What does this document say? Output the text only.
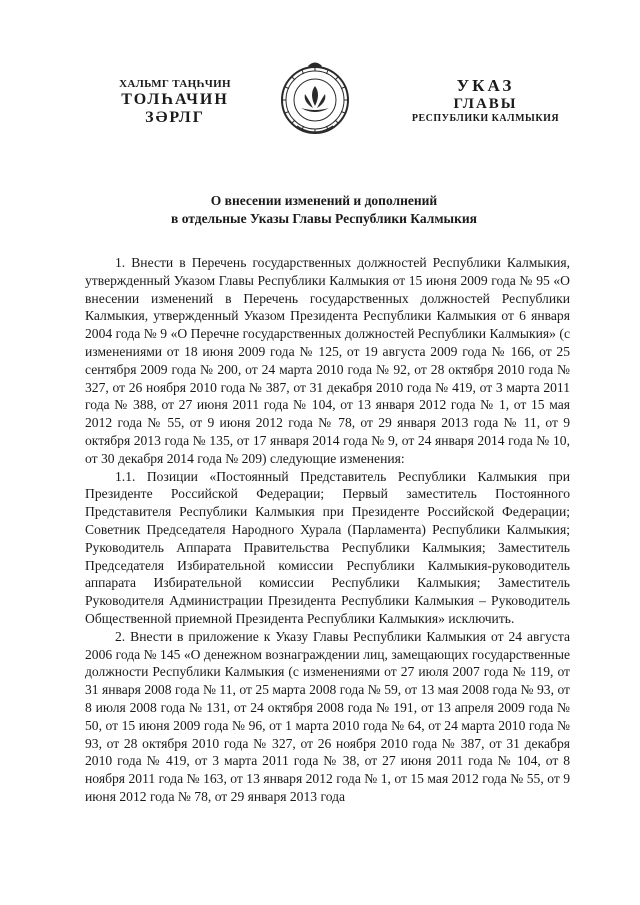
ХАЛЬМГ ТАҢҺЧИН
ТОЛҺАЧИН
ЗӘРЛГ
УКАЗ
ГЛАВЫ
РЕСПУБЛИКИ КАЛМЫКИЯ
О внесении изменений и дополнений
в отдельные Указы Главы Республики Калмыкия

1. Внести в Перечень государственных должностей Республики Калмыкия, утвержденный Указом Главы Республики Калмыкия от 15 июня 2009 года № 95 «О внесении изменений в Перечень государственных должностей Республики Калмыкия, утвержденный Указом Президента Республики Калмыкия от 6 января 2004 года № 9 «О Перечне государственных должностей Республики Калмыкия» (с изменениями от 18 июня 2009 года № 125, от 19 августа 2009 года № 166, от 25 сентября 2009 года № 200, от 24 марта 2010 года № 92, от 28 октября 2010 года № 327, от 26 ноября 2010 года № 387, от 31 декабря 2010 года № 419, от 3 марта 2011 года № 388, от 27 июня 2011 года № 104, от 13 января 2012 года № 1, от 15 мая 2012 года № 55, от 9 июня 2012 года № 78, от 29 января 2013 года № 11, от 9 октября 2013 года № 135, от 17 января 2014 года № 9, от 24 января 2014 года № 10, от 30 декабря 2014 года № 209) следующие изменения:

1.1. Позиции «Постоянный Представитель Республики Калмыкия при Президенте Российской Федерации; Первый заместитель Постоянного Представителя Республики Калмыкия при Президенте Российской Федерации; Советник Председателя Народного Хурала (Парламента) Республики Калмыкия; Руководитель Аппарата Правительства Республики Калмыкия; Заместитель Председателя Избирательной комиссии Республики Калмыкия-руководитель аппарата Избирательной комиссии Республики Калмыкия; Заместитель Руководителя Администрации Президента Республики Калмыкия – Руководитель Общественной приемной Президента Республики Калмыкия» исключить.

2. Внести в приложение к Указу Главы Республики Калмыкия от 24 августа 2006 года № 145 «О денежном вознаграждении лиц, замещающих государственные должности Республики Калмыкия (с изменениями от 27 июля 2007 года № 119, от 31 января 2008 года № 11, от 25 марта 2008 года № 59, от 13 мая 2008 года № 93, от 8 июля 2008 года № 131, от 24 октября 2008 года № 191, от 13 апреля 2009 года № 50, от 15 июня 2009 года № 96, от 1 марта 2010 года № 64, от 24 марта 2010 года № 93, от 28 октября 2010 года № 327, от 26 ноября 2010 года № 387, от 31 декабря 2010 года № 419, от 3 марта 2011 года № 38, от 27 июня 2011 года № 104, от 8 ноября 2011 года № 163, от 13 января 2012 года № 1, от 15 мая 2012 года № 55, от 9 июня 2012 года № 78, от 29 января 2013 года
